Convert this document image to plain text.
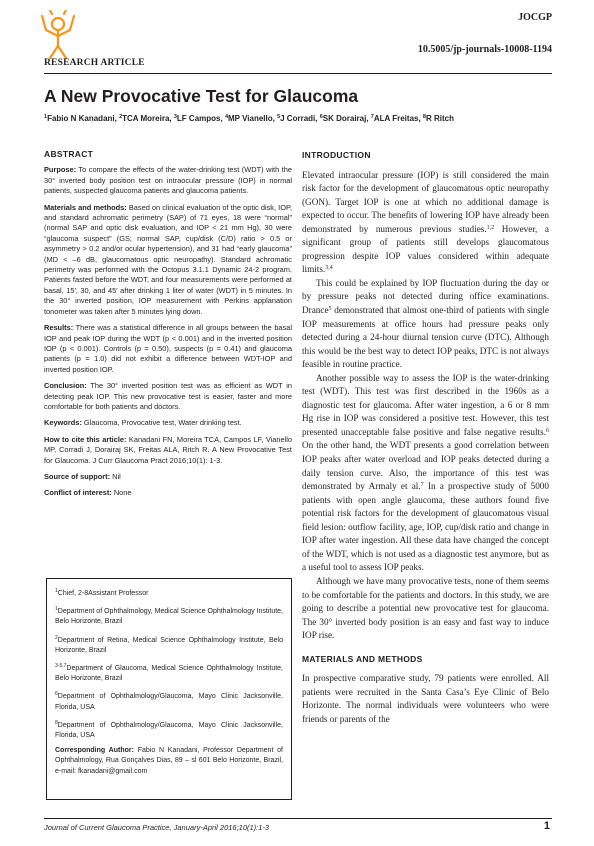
JOCGP
10.5005/jp-journals-10008-1194
RESEARCH ARTICLE
A New Provocative Test for Glaucoma
$^1$Fabio N Kanadani, $^2$TCA Moreira, $^3$LF Campos, $^4$MP Vianello, $^5$J Corradi, $^6$SK Dorairaj, $^7$ALA Freitas, $^8$R Ritch
ABSTRACT

Purpose: To compare the effects of the water-drinking test (WDT) with the 30° inverted body position test on intraocular pressure (IOP) in normal patients, suspected glaucoma patients and glaucoma patients.

Materials and methods: Based on clinical evaluation of the optic disk, IOP, and standard achromatic perimetry (SAP) of 71 eyes, 18 were “normal” (normal SAP and optic disk evaluation, and IOP < 21 mm Hg), 30 were “glaucoma suspect” (GS; normal SAP, cup/disk (C/D) ratio > 0.5 or asymmetry > 0.2 and/or ocular hypertension), and 31 had “early glaucoma” (MD < –6 dB, glaucomatous optic neuropathy). Standard achromatic perimetry was performed with the Octopus 3.1.1 Dynamic 24-2 program. Patients fasted before the WDT, and four measurements were performed at basal, 15′, 30, and 45′ after drinking 1 liter of water (WDT) in 5 minutes. In the 30° inverted position, IOP measurement with Perkins applanation tonometer was taken after 5 minutes lying down.

Results: There was a statistical difference in all groups between the basal IOP and peak IOP during the WDT (p < 0.001) and in the inverted position IOP (p < 0.001). Controls (p = 0.50), suspects (p = 0.41) and glaucoma patients (p = 1.0) did not exhibit a difference between WDT-IOP and inverted position IOP.

Conclusion: The 30° inverted position test was as efficient as WDT in detecting peak IOP. This new provocative test is easier, faster and more comfortable for both patients and doctors.

Keywords: Glaucoma, Provocative test, Water drinking test.

How to cite this article: Kanadani FN, Moreira TCA, Campos LF, Vianello MP, Corradi J, Dorairaj SK, Freitas ALA, Ritch R. A New Provocative Test for Glaucoma. J Curr Glaucoma Pract 2016;10(1): 1-3.

Source of support: Nil

Conflict of interest: None

$^1$Chief, 2-8Assistant Professor

$^1$Department of Ophthalmology, Medical Science Ophthalmology Institute, Belo Horizonte, Brazil

$^2$Department of Retina, Medical Science Ophthalmology Institute, Belo Horizonte, Brazil

$^{3-5,7}$Department of Glaucoma, Medical Science Ophthalmology Institute, Belo Horizonte, Brazil

$^6$Department of Ophthalmology/Glaucoma, Mayo Clinic Jacksonville, Florida, USA

$^8$Department of Ophthalmology/Glaucoma, Mayo Clinic Jacksonville, Florida, USA

Corresponding Author: Fabio N Kanadani, Professor Department of Ophthalmology, Rua Gonçalves Dias, 89 – sl 601 Belo Horizonte, Brazil, e-mail: fkanadani@gmail.com

INTRODUCTION

Elevated intraocular pressure (IOP) is still considered the main risk factor for the development of glaucomatous optic neuropathy (GON). Target IOP is one at which no additional damage is expected to occur. The benefits of lowering IOP have already been demonstrated by numerous previous studies.$^{1,2}$ However, a significant group of patients still develops glaucomatous progression despite IOP values considered within adequate limits.$^{3,4}$

This could be explained by IOP fluctuation during the day or by pressure peaks not detected during office examinations. Drance$^5$ demonstrated that almost one-third of patients with single IOP measurements at office hours had pressure peaks only detected during a 24-hour diurnal tension curve (DTC). Although this would be the best way to detect IOP peaks, DTC is not always feasible in routine practice.

Another possible way to assess the IOP is the water-drinking test (WDT). This test was first described in the 1960s as a diagnostic test for glaucoma. After water ingestion, a 6 or 8 mm Hg rise in IOP was considered a positive test. However, this test presented unacceptable false positive and false negative results.$^6$ On the other hand, the WDT presents a good correlation between IOP peaks after water overload and IOP peaks detected during a daily tension curve. Also, the importance of this test was demonstrated by Armaly et al.$^7$ In a prospective study of 5000 patients with open angle glaucoma, these authors found five potential risk factors for the development of glaucomatous visual field lesion: outflow facility, age, IOP, cup/disk ratio and change in IOP after water ingestion. All these data have changed the concept of the WDT, which is not used as a diagnostic test anymore, but as a useful tool to assess IOP peaks.

Although we have many provocative tests, none of them seems to be comfortable for the patients and doctors. In this study, we are going to describe a potential new provocative test for glaucoma. The 30° inverted body position is an easy and fast way to induce IOP rise.

MATERIALS AND METHODS

In prospective comparative study, 79 patients were enrolled. All patients were recruited in the Santa Casa’s Eye Clinic of Belo Horizonte. The normal individuals were volunteers who were friends or parents of the

Journal of Current Glaucoma Practice, January-April 2016;10(1):1-3	1
